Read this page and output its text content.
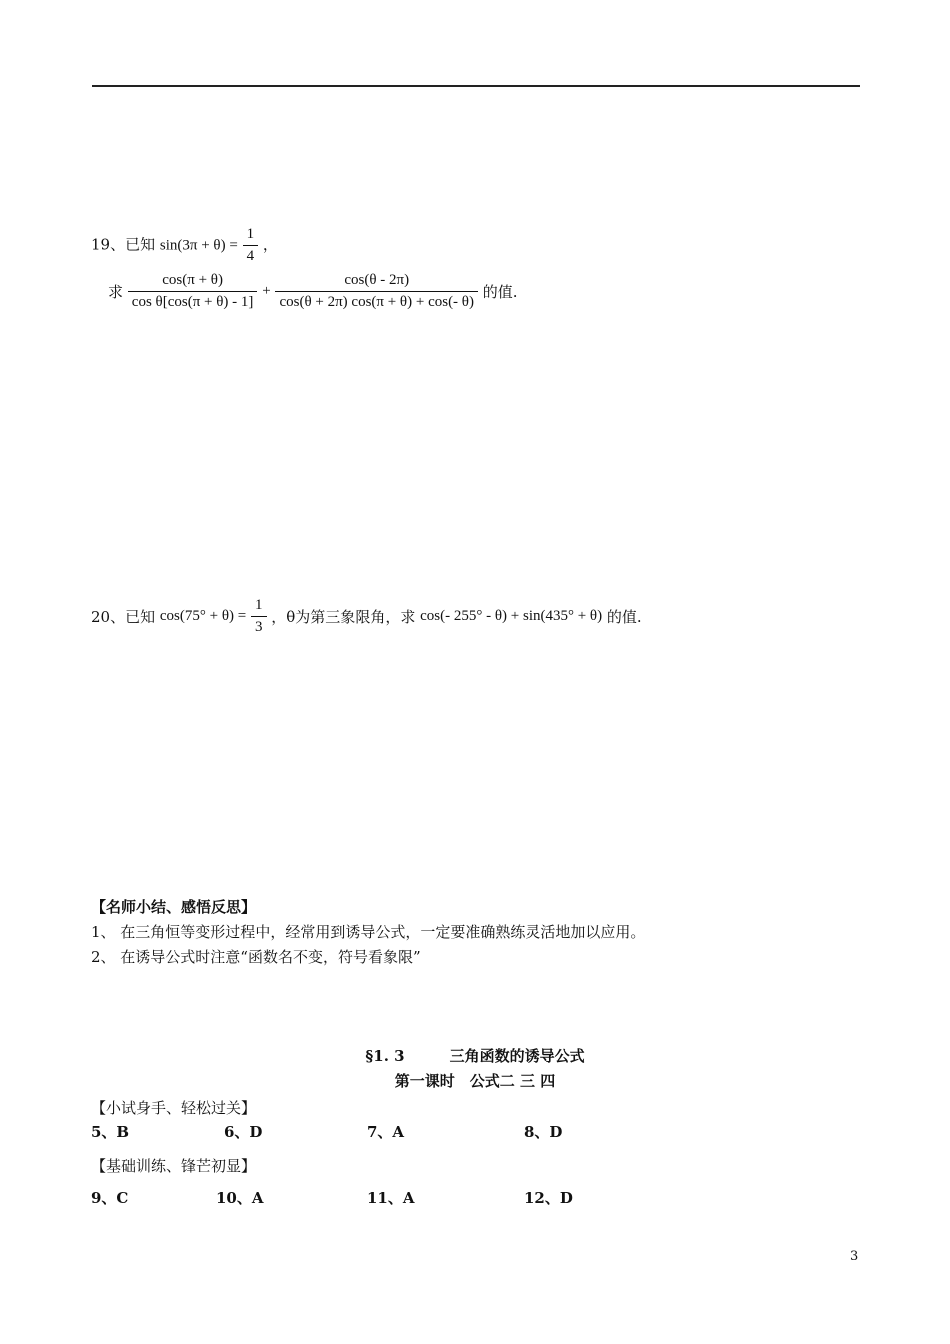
19、已知 $\sin(3\pi + \theta) = \frac{1}{4}$ ，
求 $\frac{\cos(\pi + \theta)}{\text{cos θ[cos(π + θ) - 1]}} + \frac{\cos(\theta - 2\pi)}{\cos(\theta + 2\pi) \cos(\pi + \theta) + \cos(- \theta)}$ 的值.
20、已知 $\cos(75^\circ + \theta) = \frac{1}{3}$ ，θ为第三象限角，求 cos(- 255° - θ) + sin(435° + θ) 的值.
【名师小结、感悟反思】
1、 在三角恒等变形过程中，经常用到诱导公式，一定要准确熟练灵活地加以应用。
2、 在诱导公式时注意“函数名不变，符号看象限”
§1. 3　　　三角函数的诱导公式
第一课时　公式二 三 四
【小试身手、轻松过关】
5、B	6、D	7、A	8、D
【基础训练、锋芒初显】
9、C	10、A	11、A	12、D
3
